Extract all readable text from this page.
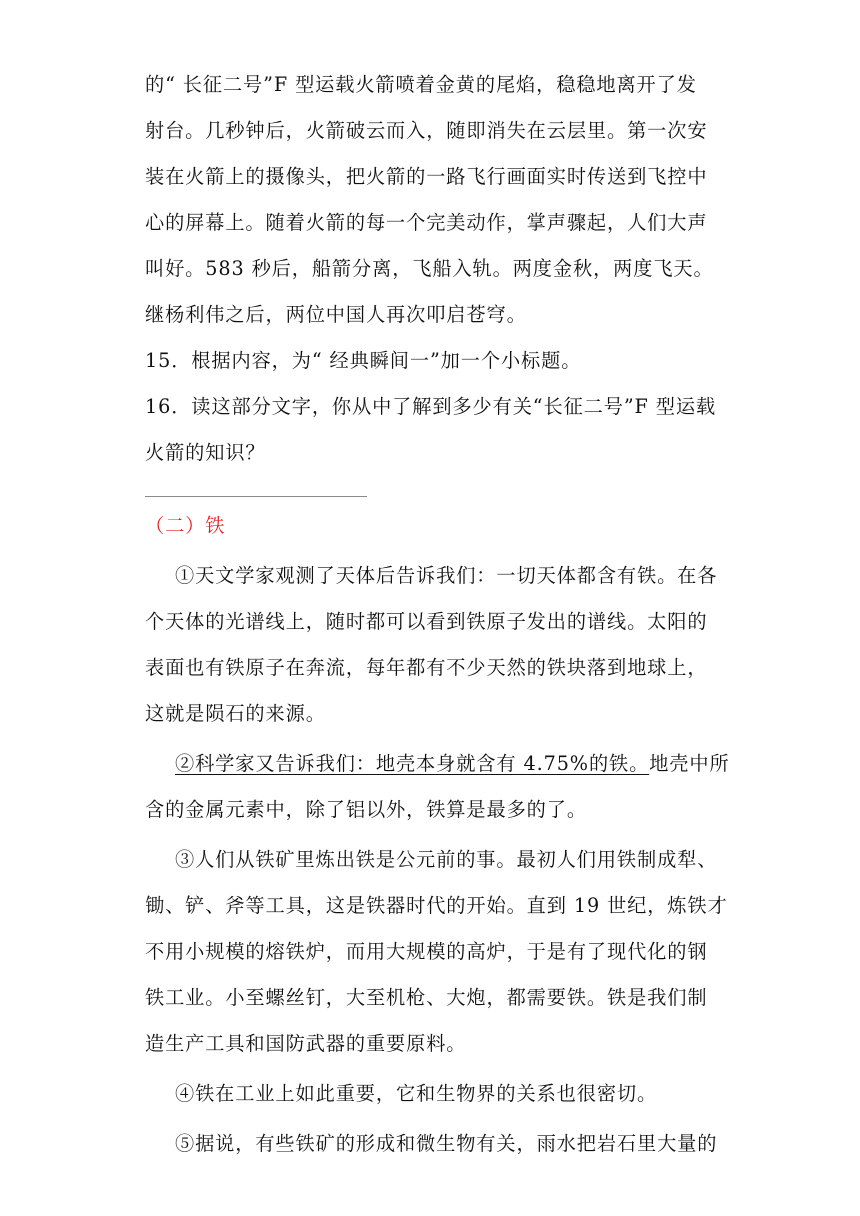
的“ 长征二号”F 型运载火箭喷着金黄的尾焰，稳稳地离开了发
射台。几秒钟后，火箭破云而入，随即消失在云层里。第一次安
装在火箭上的摄像头，把火箭的一路飞行画面实时传送到飞控中
心的屏幕上。随着火箭的每一个完美动作，掌声骤起，人们大声
叫好。583 秒后，船箭分离，飞船入轨。两度金秋，两度飞天。
继杨利伟之后，两位中国人再次叩启苍穹。
15．根据内容，为“ 经典瞬间一”加一个小标题。
16．读这部分文字，你从中了解到多少有关“长征二号”F 型运载
火箭的知识？
（二）铁
①天文学家观测了天体后告诉我们：一切天体都含有铁。在各
个天体的光谱线上，随时都可以看到铁原子发出的谱线。太阳的
表面也有铁原子在奔流，每年都有不少天然的铁块落到地球上，
这就是陨石的来源。
②科学家又告诉我们：地壳本身就含有 4.75%的铁。地壳中所
含的金属元素中，除了铝以外，铁算是最多的了。
③人们从铁矿里炼出铁是公元前的事。最初人们用铁制成犁、
锄、铲、斧等工具，这是铁器时代的开始。直到 19 世纪，炼铁才
不用小规模的熔铁炉，而用大规模的高炉，于是有了现代化的钢
铁工业。小至螺丝钉，大至机枪、大炮，都需要铁。铁是我们制
造生产工具和国防武器的重要原料。
④铁在工业上如此重要，它和生物界的关系也很密切。
⑤据说，有些铁矿的形成和微生物有关，雨水把岩石里大量的
